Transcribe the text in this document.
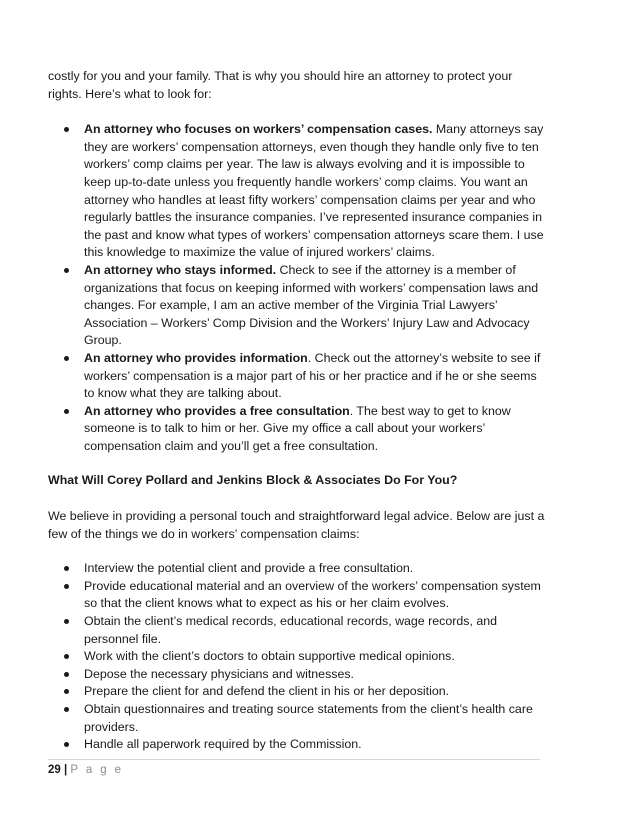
costly for you and your family. That is why you should hire an attorney to protect your rights. Here’s what to look for:

An attorney who focuses on workers’ compensation cases. Many attorneys say they are workers’ compensation attorneys, even though they handle only five to ten workers’ comp claims per year. The law is always evolving and it is impossible to keep up-to-date unless you frequently handle workers’ comp claims. You want an attorney who handles at least fifty workers’ compensation claims per year and who regularly battles the insurance companies. I’ve represented insurance companies in the past and know what types of workers’ compensation attorneys scare them. I use this knowledge to maximize the value of injured workers’ claims.
An attorney who stays informed. Check to see if the attorney is a member of organizations that focus on keeping informed with workers’ compensation laws and changes. For example, I am an active member of the Virginia Trial Lawyers’ Association – Workers’ Comp Division and the Workers’ Injury Law and Advocacy Group.
An attorney who provides information. Check out the attorney’s website to see if workers’ compensation is a major part of his or her practice and if he or she seems to know what they are talking about.
An attorney who provides a free consultation. The best way to get to know someone is to talk to him or her. Give my office a call about your workers’ compensation claim and you’ll get a free consultation.

What Will Corey Pollard and Jenkins Block & Associates Do For You?

We believe in providing a personal touch and straightforward legal advice. Below are just a few of the things we do in workers’ compensation claims:

Interview the potential client and provide a free consultation.
Provide educational material and an overview of the workers’ compensation system so that the client knows what to expect as his or her claim evolves.
Obtain the client’s medical records, educational records, wage records, and personnel file.
Work with the client’s doctors to obtain supportive medical opinions.
Depose the necessary physicians and witnesses.
Prepare the client for and defend the client in his or her deposition.
Obtain questionnaires and treating source statements from the client’s health care providers.
Handle all paperwork required by the Commission.
29 | P a g e
